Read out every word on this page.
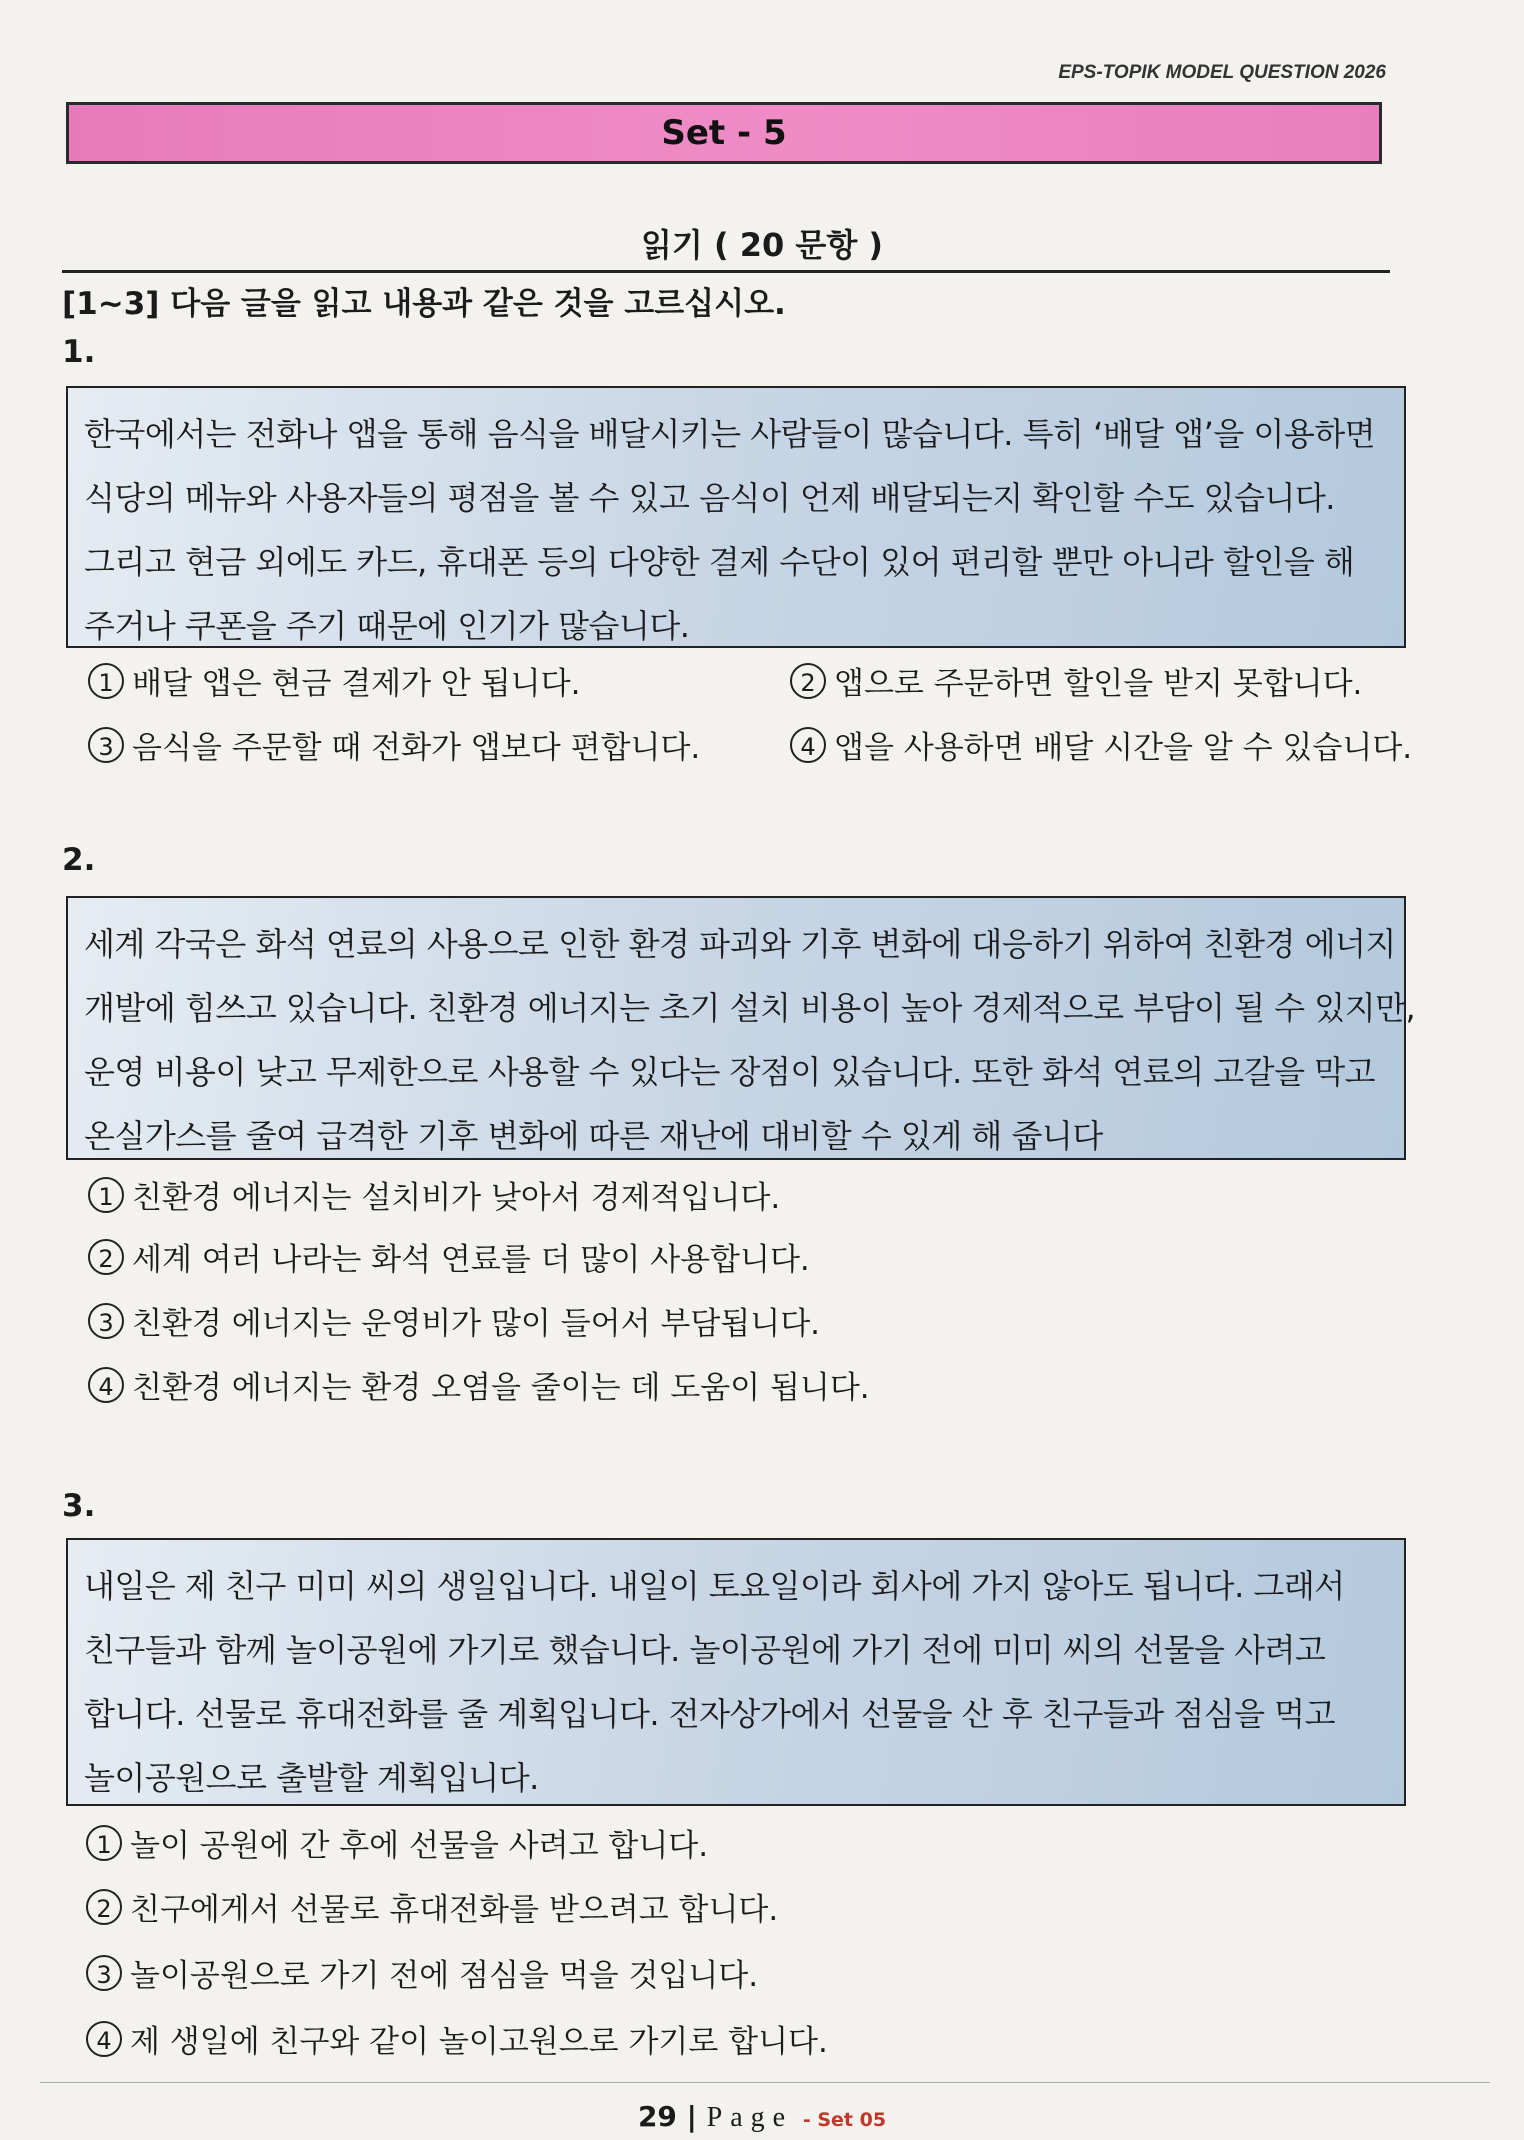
EPS-TOPIK MODEL QUESTION 2026
Set - 5
읽기 ( 20 문항 )
[1~3] 다음 글을 읽고 내용과 같은 것을 고르십시오.
1.

한국에서는 전화나 앱을 통해 음식을 배달시키는 사람들이 많습니다. 특히 ‘배달 앱’을 이용하면

식당의 메뉴와 사용자들의 평점을 볼 수 있고 음식이 언제 배달되는지 확인할 수도 있습니다.

그리고 현금 외에도 카드, 휴대폰 등의 다양한 결제 수단이 있어 편리할 뿐만 아니라 할인을 해

주거나 쿠폰을 주기 때문에 인기가 많습니다.

1 배달 앱은 현금 결제가 안 됩니다.	2 앱으로 주문하면 할인을 받지 못합니다.
3 음식을 주문할 때 전화가 앱보다 편합니다.	4 앱을 사용하면 배달 시간을 알 수 있습니다.
2.

세계 각국은 화석 연료의 사용으로 인한 환경 파괴와 기후 변화에 대응하기 위하여 친환경 에너지

개발에 힘쓰고 있습니다. 친환경 에너지는 초기 설치 비용이 높아 경제적으로 부담이 될 수 있지만,

운영 비용이 낮고 무제한으로 사용할 수 있다는 장점이 있습니다. 또한 화석 연료의 고갈을 막고

온실가스를 줄여 급격한 기후 변화에 따른 재난에 대비할 수 있게 해 줍니다

1 친환경 에너지는 설치비가 낮아서 경제적입니다.
2 세계 여러 나라는 화석 연료를 더 많이 사용합니다.
3 친환경 에너지는 운영비가 많이 들어서 부담됩니다.
4 친환경 에너지는 환경 오염을 줄이는 데 도움이 됩니다.
3.

내일은 제 친구 미미 씨의 생일입니다. 내일이 토요일이라 회사에 가지 않아도 됩니다. 그래서

친구들과 함께 놀이공원에 가기로 했습니다. 놀이공원에 가기 전에 미미 씨의 선물을 사려고

합니다. 선물로 휴대전화를 줄 계획입니다. 전자상가에서 선물을 산 후 친구들과 점심을 먹고

놀이공원으로 출발할 계획입니다.

1 놀이 공원에 간 후에 선물을 사려고 합니다.
2 친구에게서 선물로 휴대전화를 받으려고 합니다.
3 놀이공원으로 가기 전에 점심을 먹을 것입니다.
4 제 생일에 친구와 같이 놀이고원으로 가기로 합니다.
29 | Page - Set 05
